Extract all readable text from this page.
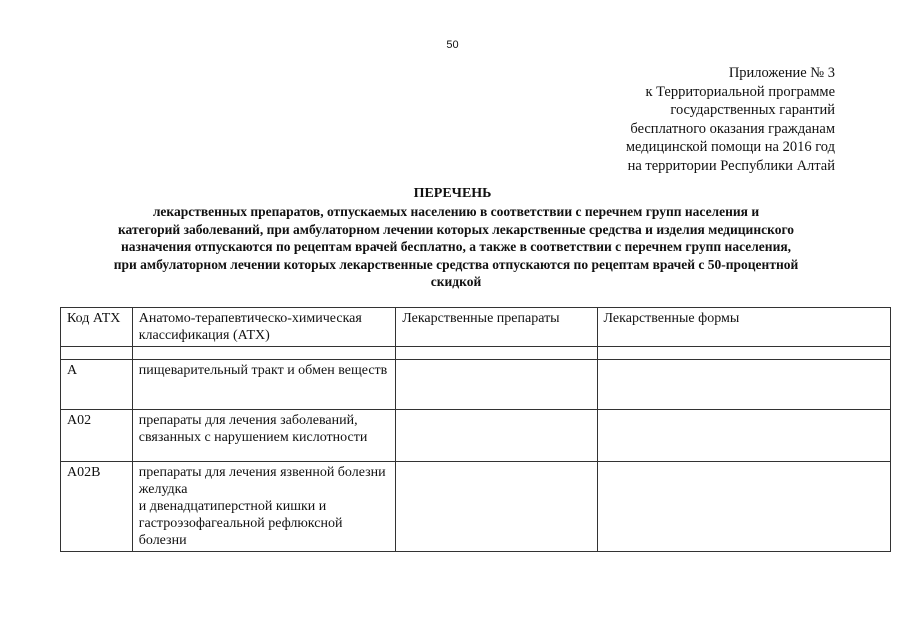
50
Приложение № 3
к Территориальной программе
государственных гарантий
бесплатного оказания гражданам
медицинской помощи на 2016 год
на территории Республики Алтай
ПЕРЕЧЕНЬ
лекарственных препаратов, отпускаемых населению в соответствии с перечнем групп населения и
категорий заболеваний, при амбулаторном лечении которых лекарственные средства и изделия медицинского
назначения отпускаются по рецептам врачей бесплатно, а также в соответствии с перечнем групп населения,
при амбулаторном лечении которых лекарственные средства отпускаются по рецептам врачей с 50-процентной
скидкой
Код АТХ	Анатомо-терапевтическо-химическая классификация (АТХ)	Лекарственные препараты	Лекарственные формы

A	пищеварительный тракт и обмен веществ		
A02	препараты для лечения заболеваний, связанных с нарушением кислотности		
A02B	препараты для лечения язвенной болезни желудка
и двенадцатиперстной кишки и
гастроэзофагеальной рефлюксной болезни		
